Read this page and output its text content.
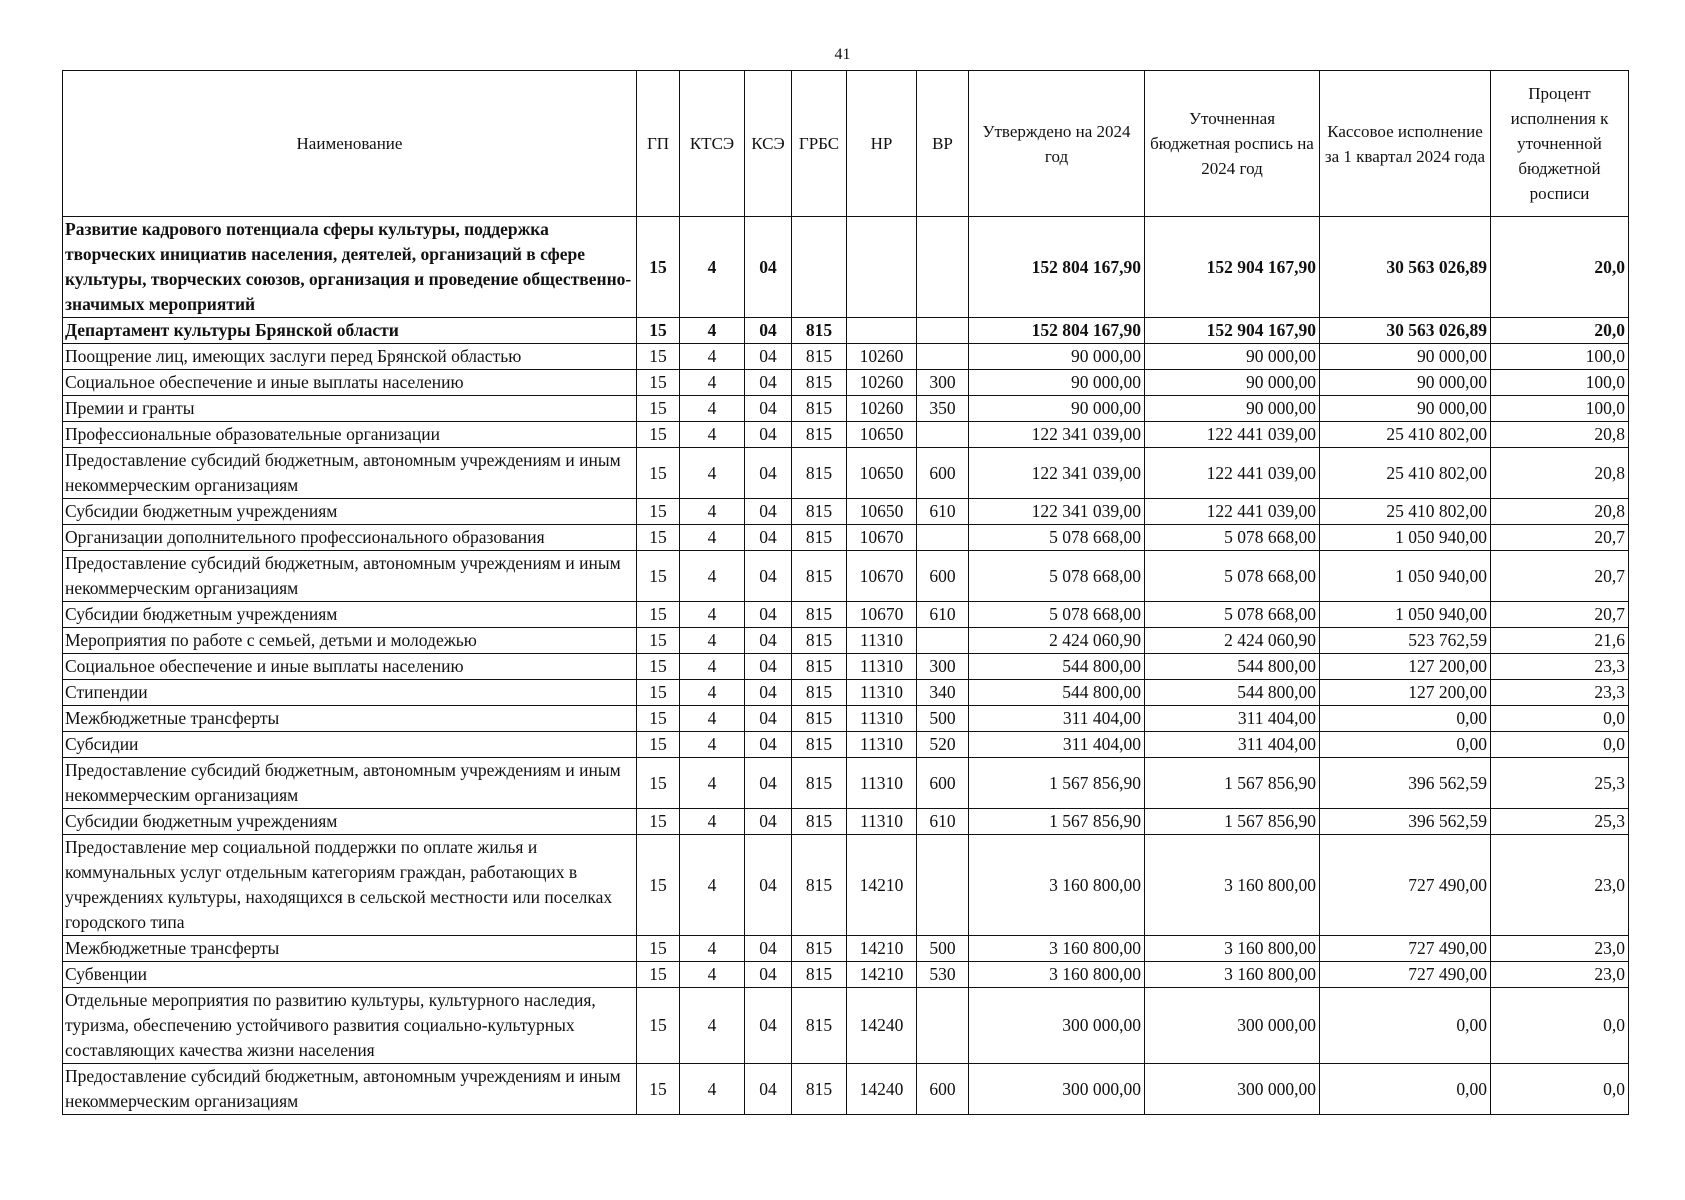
41
Наименование	ГП	КТСЭ	КСЭ	ГРБС	НР	ВР	Утверждено на 2024 год	Уточненная бюджетная роспись на 2024 год	Кассовое исполнение за 1 квартал 2024 года	Процент исполнения к уточненной бюджетной росписи
Развитие кадрового потенциала сферы культуры, поддержка творческих инициатив населения, деятелей, организаций в сфере культуры, творческих союзов, организация и проведение общественно-значимых мероприятий	15	4	04				152 804 167,90	152 904 167,90	30 563 026,89	20,0
Департамент культуры Брянской области	15	4	04	815			152 804 167,90	152 904 167,90	30 563 026,89	20,0
Поощрение лиц, имеющих заслуги перед Брянской областью	15	4	04	815	10260		90 000,00	90 000,00	90 000,00	100,0
Социальное обеспечение и иные выплаты населению	15	4	04	815	10260	300	90 000,00	90 000,00	90 000,00	100,0
Премии и гранты	15	4	04	815	10260	350	90 000,00	90 000,00	90 000,00	100,0
Профессиональные образовательные организации	15	4	04	815	10650		122 341 039,00	122 441 039,00	25 410 802,00	20,8
Предоставление субсидий бюджетным, автономным учреждениям и иным некоммерческим организациям	15	4	04	815	10650	600	122 341 039,00	122 441 039,00	25 410 802,00	20,8
Субсидии бюджетным учреждениям	15	4	04	815	10650	610	122 341 039,00	122 441 039,00	25 410 802,00	20,8
Организации дополнительного профессионального образования	15	4	04	815	10670		5 078 668,00	5 078 668,00	1 050 940,00	20,7
Предоставление субсидий бюджетным, автономным учреждениям и иным некоммерческим организациям	15	4	04	815	10670	600	5 078 668,00	5 078 668,00	1 050 940,00	20,7
Субсидии бюджетным учреждениям	15	4	04	815	10670	610	5 078 668,00	5 078 668,00	1 050 940,00	20,7
Мероприятия по работе с семьей, детьми и молодежью	15	4	04	815	11310		2 424 060,90	2 424 060,90	523 762,59	21,6
Социальное обеспечение и иные выплаты населению	15	4	04	815	11310	300	544 800,00	544 800,00	127 200,00	23,3
Стипендии	15	4	04	815	11310	340	544 800,00	544 800,00	127 200,00	23,3
Межбюджетные трансферты	15	4	04	815	11310	500	311 404,00	311 404,00	0,00	0,0
Субсидии	15	4	04	815	11310	520	311 404,00	311 404,00	0,00	0,0
Предоставление субсидий бюджетным, автономным учреждениям и иным некоммерческим организациям	15	4	04	815	11310	600	1 567 856,90	1 567 856,90	396 562,59	25,3
Субсидии бюджетным учреждениям	15	4	04	815	11310	610	1 567 856,90	1 567 856,90	396 562,59	25,3
Предоставление мер социальной поддержки по оплате жилья и коммунальных услуг отдельным категориям граждан, работающих в учреждениях культуры, находящихся в сельской местности или поселках городского типа	15	4	04	815	14210		3 160 800,00	3 160 800,00	727 490,00	23,0
Межбюджетные трансферты	15	4	04	815	14210	500	3 160 800,00	3 160 800,00	727 490,00	23,0
Субвенции	15	4	04	815	14210	530	3 160 800,00	3 160 800,00	727 490,00	23,0
Отдельные мероприятия по развитию культуры, культурного наследия, туризма, обеспечению устойчивого развития социально-культурных составляющих качества жизни населения	15	4	04	815	14240		300 000,00	300 000,00	0,00	0,0
Предоставление субсидий бюджетным, автономным учреждениям и иным некоммерческим организациям	15	4	04	815	14240	600	300 000,00	300 000,00	0,00	0,0
